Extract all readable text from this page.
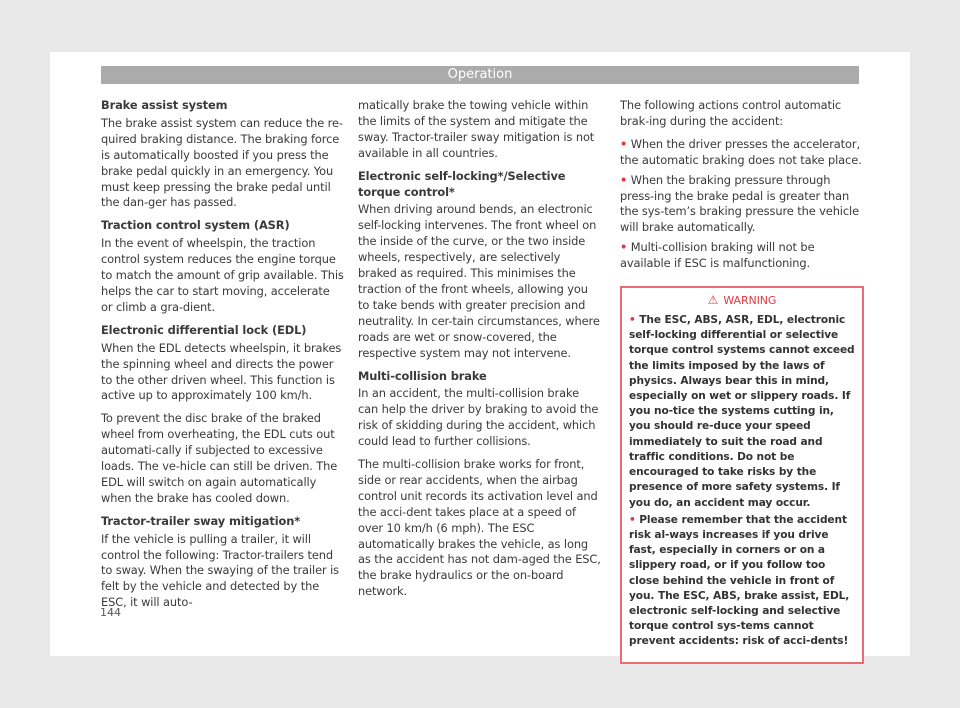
Operation
Brake assist system

The brake assist system can reduce the re-quired braking distance. The braking force is automatically boosted if you press the brake pedal quickly in an emergency. You must keep pressing the brake pedal until the dan-ger has passed.

Traction control system (ASR)

In the event of wheelspin, the traction control system reduces the engine torque to match the amount of grip available. This helps the car to start moving, accelerate or climb a gra-dient.

Electronic differential lock (EDL)

When the EDL detects wheelspin, it brakes the spinning wheel and directs the power to the other driven wheel. This function is active up to approximately 100 km/h.

To prevent the disc brake of the braked wheel from overheating, the EDL cuts out automati-cally if subjected to excessive loads. The ve-hicle can still be driven. The EDL will switch on again automatically when the brake has cooled down.

Tractor-trailer sway mitigation*

If the vehicle is pulling a trailer, it will control the following: Tractor-trailers tend to sway. When the swaying of the trailer is felt by the vehicle and detected by the ESC, it will auto-

matically brake the towing vehicle within the limits of the system and mitigate the sway. Tractor-trailer sway mitigation is not available in all countries.

Electronic self-locking*/Selective torque control*

When driving around bends, an electronic self-locking intervenes. The front wheel on the inside of the curve, or the two inside wheels, respectively, are selectively braked as required. This minimises the traction of the front wheels, allowing you to take bends with greater precision and neutrality. In cer-tain circumstances, where roads are wet or snow-covered, the respective system may not intervene.

Multi-collision brake

In an accident, the multi-collision brake can help the driver by braking to avoid the risk of skidding during the accident, which could lead to further collisions.

The multi-collision brake works for front, side or rear accidents, when the airbag control unit records its activation level and the acci-dent takes place at a speed of over 10 km/h (6 mph). The ESC automatically brakes the vehicle, as long as the accident has not dam-aged the ESC, the brake hydraulics or the on-board network.

The following actions control automatic brak-ing during the accident:

• When the driver presses the accelerator, the automatic braking does not take place.

• When the braking pressure through press-ing the brake pedal is greater than the sys-tem’s braking pressure the vehicle will brake automatically.

• Multi-collision braking will not be available if ESC is malfunctioning.

⚠ WARNING

• The ESC, ABS, ASR, EDL, electronic self-locking differential or selective torque control systems cannot exceed the limits imposed by the laws of physics. Always bear this in mind, especially on wet or slippery roads. If you no-tice the systems cutting in, you should re-duce your speed immediately to suit the road and traffic conditions. Do not be encouraged to take risks by the presence of more safety systems. If you do, an accident may occur.

• Please remember that the accident risk al-ways increases if you drive fast, especially in corners or on a slippery road, or if you follow too close behind the vehicle in front of you. The ESC, ABS, brake assist, EDL, electronic self-locking and selective torque control sys-tems cannot prevent accidents: risk of acci-dents!

144
